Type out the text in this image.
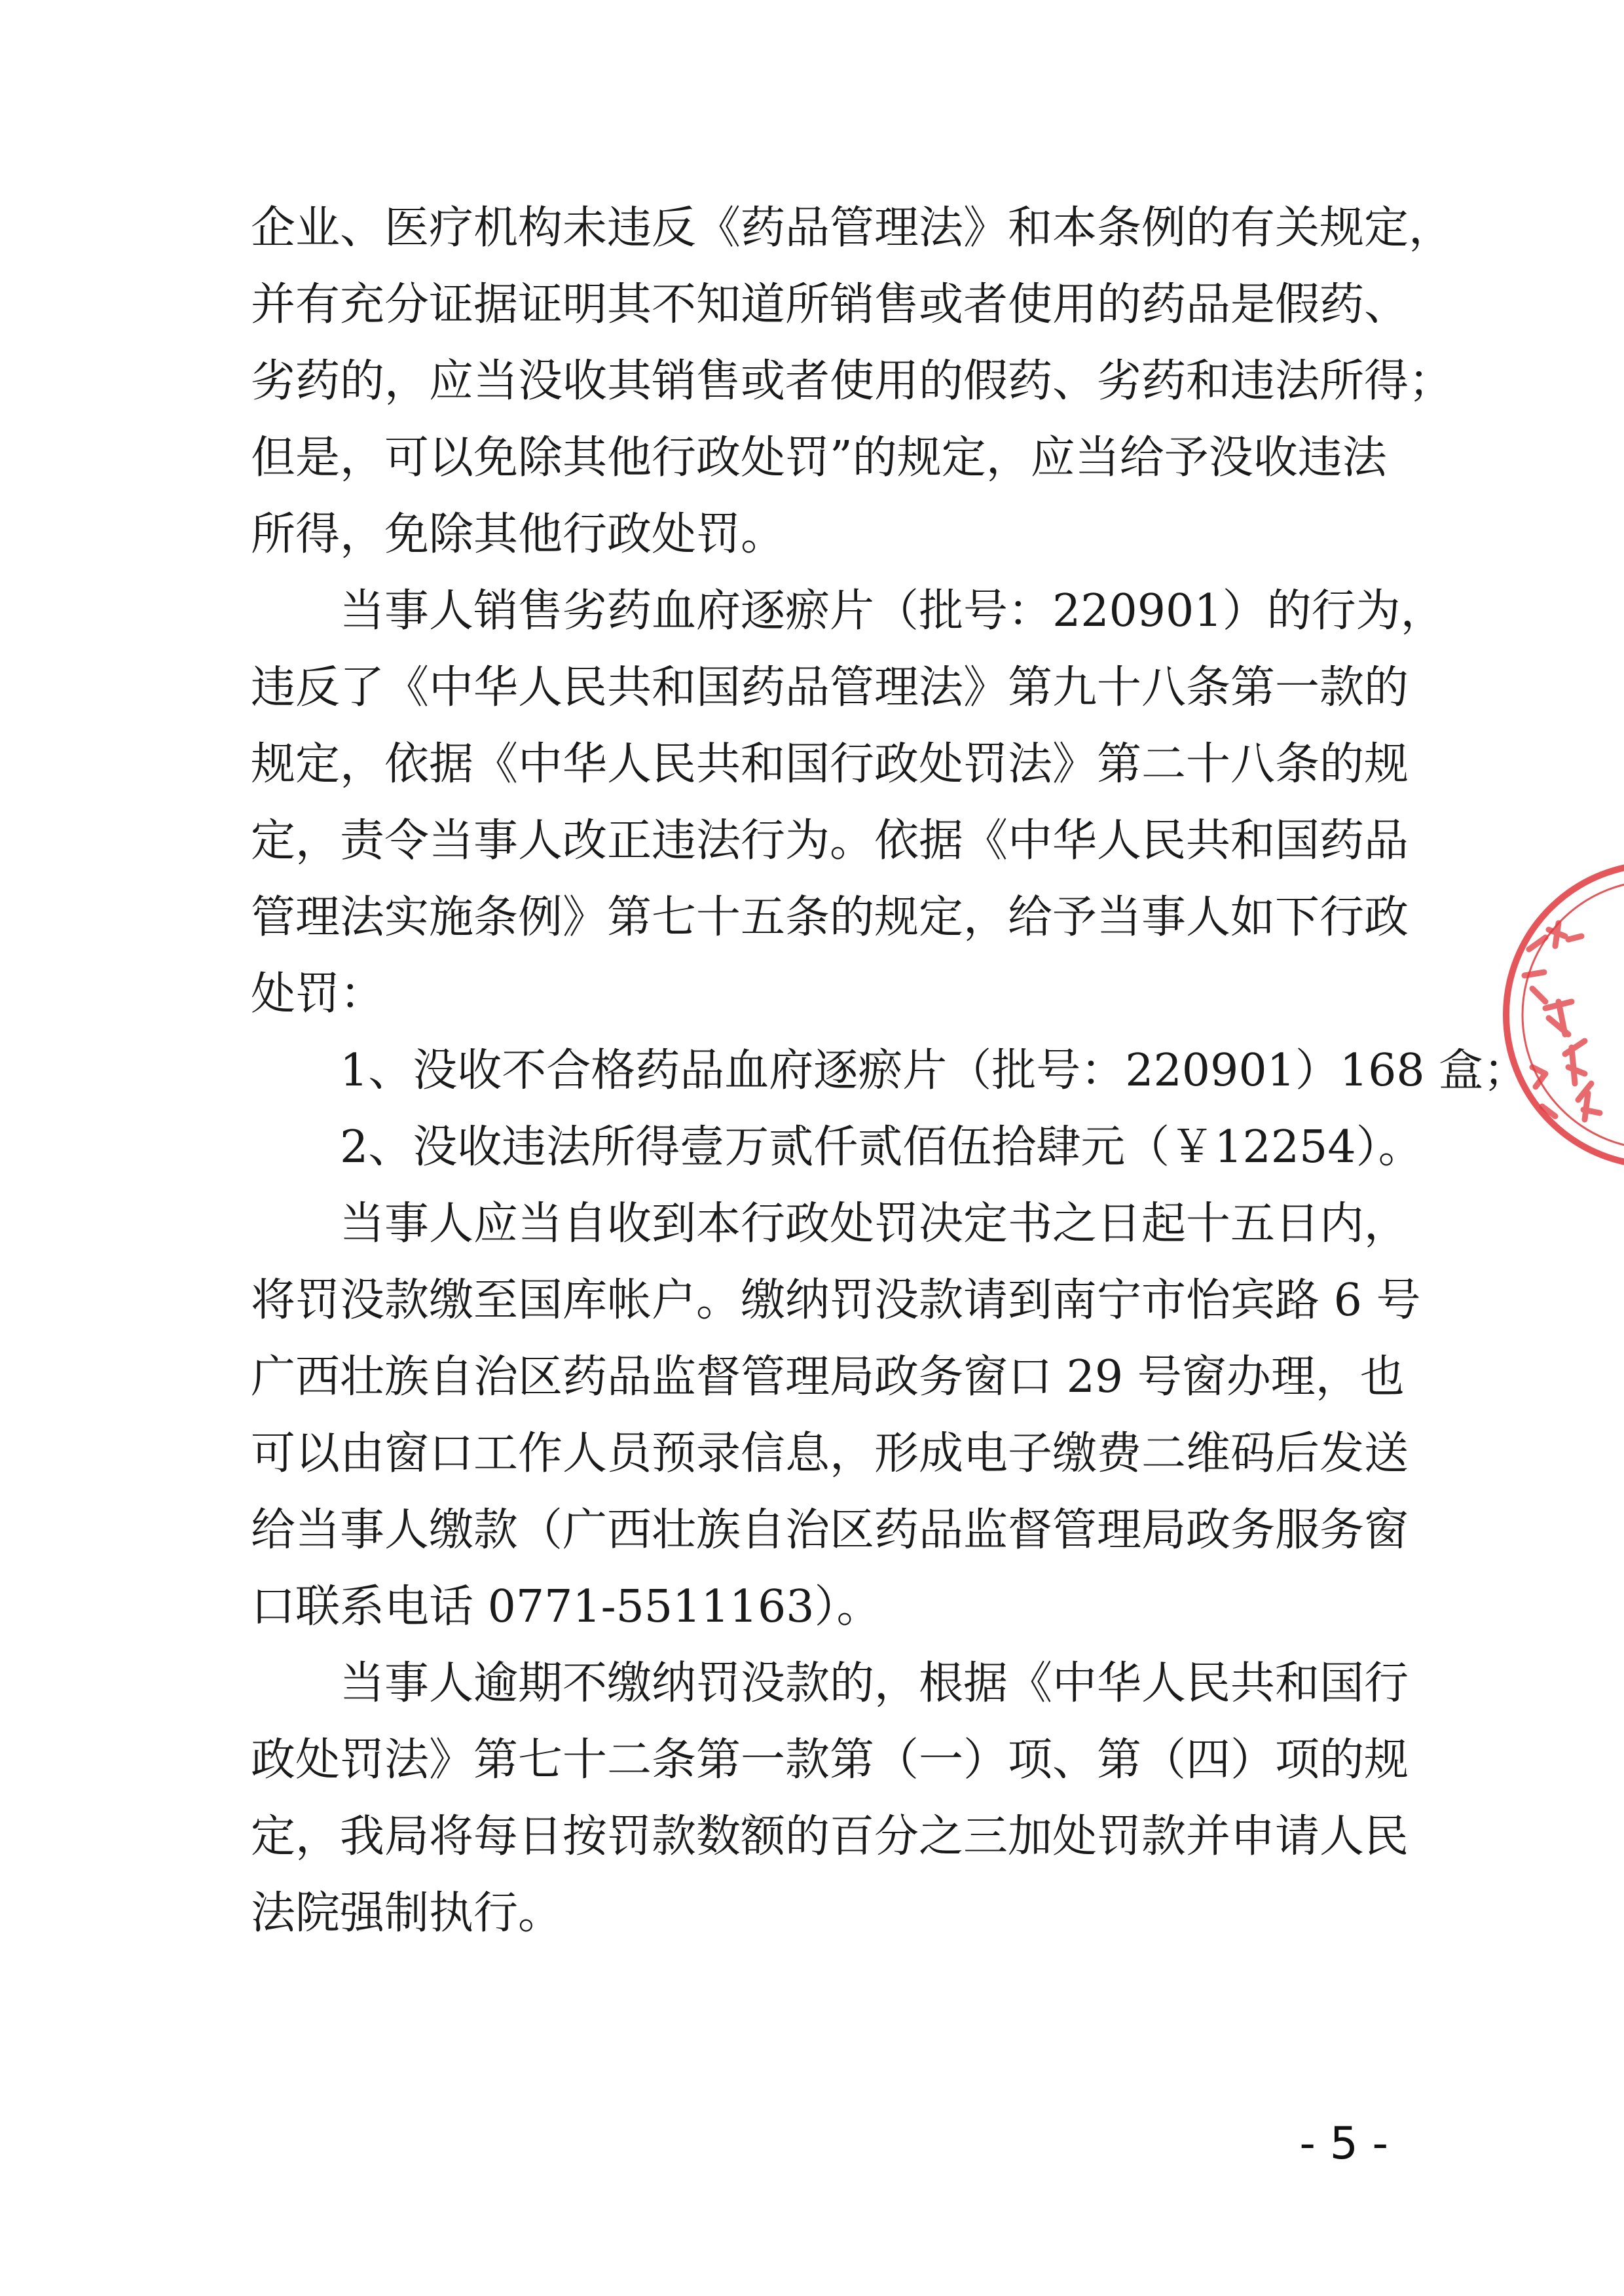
企业、医疗机构未违反《药品管理法》和本条例的有关规定，
并有充分证据证明其不知道所销售或者使用的药品是假药、
劣药的，应当没收其销售或者使用的假药、劣药和违法所得；
但是，可以免除其他行政处罚”的规定，应当给予没收违法
所得，免除其他行政处罚。
当事人销售劣药血府逐瘀片（批号：220901）的行为，
违反了《中华人民共和国药品管理法》第九十八条第一款的
规定，依据《中华人民共和国行政处罚法》第二十八条的规
定，责令当事人改正违法行为。依据《中华人民共和国药品
管理法实施条例》第七十五条的规定，给予当事人如下行政
处罚：
1、没收不合格药品血府逐瘀片（批号：220901）168 盒；
2、没收违法所得壹万贰仟贰佰伍拾肆元（￥12254）。
当事人应当自收到本行政处罚决定书之日起十五日内，
将罚没款缴至国库帐户。缴纳罚没款请到南宁市怡宾路 6 号
广西壮族自治区药品监督管理局政务窗口 29 号窗办理，也
可以由窗口工作人员预录信息，形成电子缴费二维码后发送
给当事人缴款（广西壮族自治区药品监督管理局政务服务窗
口联系电话 0771-5511163）。
当事人逾期不缴纳罚没款的，根据《中华人民共和国行
政处罚法》第七十二条第一款第（一）项、第（四）项的规
定，我局将每日按罚款数额的百分之三加处罚款并申请人民
法院强制执行。
- 5 -
